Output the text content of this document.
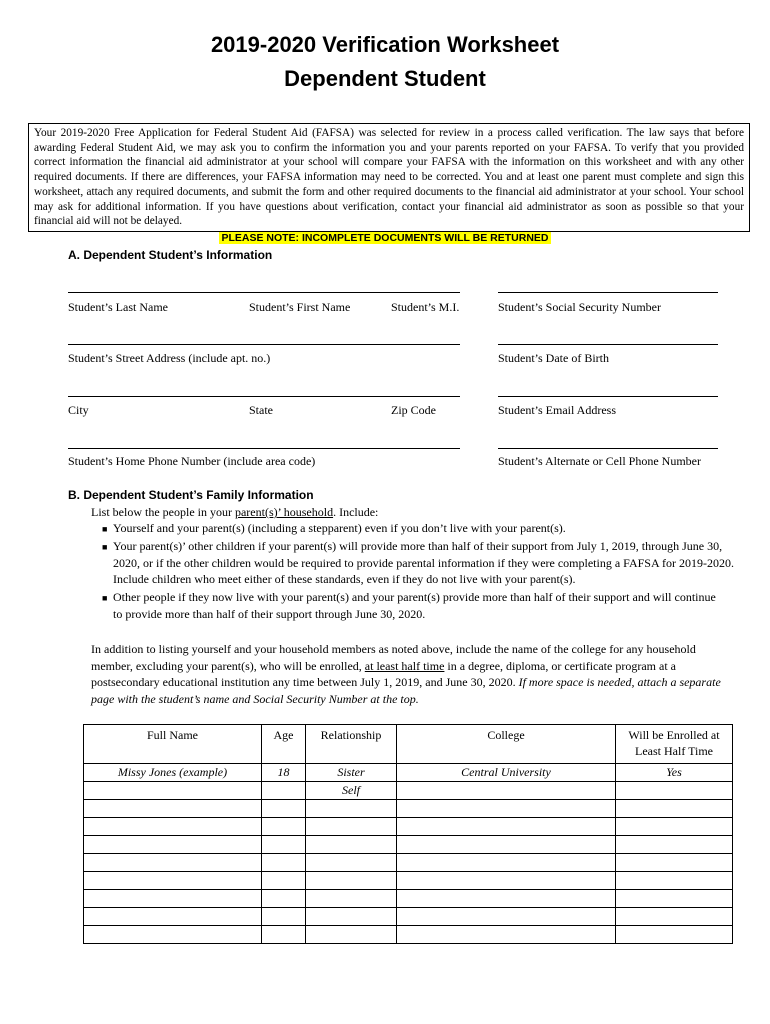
2019-2020 Verification Worksheet
Dependent Student
Your 2019-2020 Free Application for Federal Student Aid (FAFSA) was selected for review in a process called verification. The law says that before awarding Federal Student Aid, we may ask you to confirm the information you and your parents reported on your FAFSA. To verify that you provided correct information the financial aid administrator at your school will compare your FAFSA with the information on this worksheet and with any other required documents. If there are differences, your FAFSA information may need to be corrected. You and at least one parent must complete and sign this worksheet, attach any required documents, and submit the form and other required documents to the financial aid administrator at your school. Your school may ask for additional information. If you have questions about verification, contact your financial aid administrator as soon as possible so that your financial aid will not be delayed.
PLEASE NOTE: INCOMPLETE DOCUMENTS WILL BE RETURNED
A. Dependent Student’s Information
Student’s Last Name	Student’s First Name	Student’s M.I.	Student’s Social Security Number
Student’s Street Address (include apt. no.)	Student’s Date of Birth
City	State	Zip Code	Student’s Email Address
Student’s Home Phone Number (include area code)	Student’s Alternate or Cell Phone Number
B. Dependent Student’s Family Information
List below the people in your parent(s)’ household. Include:
■ Yourself and your parent(s) (including a stepparent) even if you don’t live with your parent(s).
■ Your parent(s)’ other children if your parent(s) will provide more than half of their support from July 1, 2019, through June 30, 2020, or if the other children would be required to provide parental information if they were completing a FAFSA for 2019-2020. Include children who meet either of these standards, even if they do not live with your parent(s).
■ Other people if they now live with your parent(s) and your parent(s) provide more than half of their support and will continue to provide more than half of their support through June 30, 2020.
In addition to listing yourself and your household members as noted above, include the name of the college for any household member, excluding your parent(s), who will be enrolled, at least half time in a degree, diploma, or certificate program at a postsecondary educational institution any time between July 1, 2019, and June 30, 2020. If more space is needed, attach a separate page with the student’s name and Social Security Number at the top.
Full Name	Age	Relationship	College	Will be Enrolled at
Least Half Time
Missy Jones (example)	18	Sister	Central University	Yes
		Self		
